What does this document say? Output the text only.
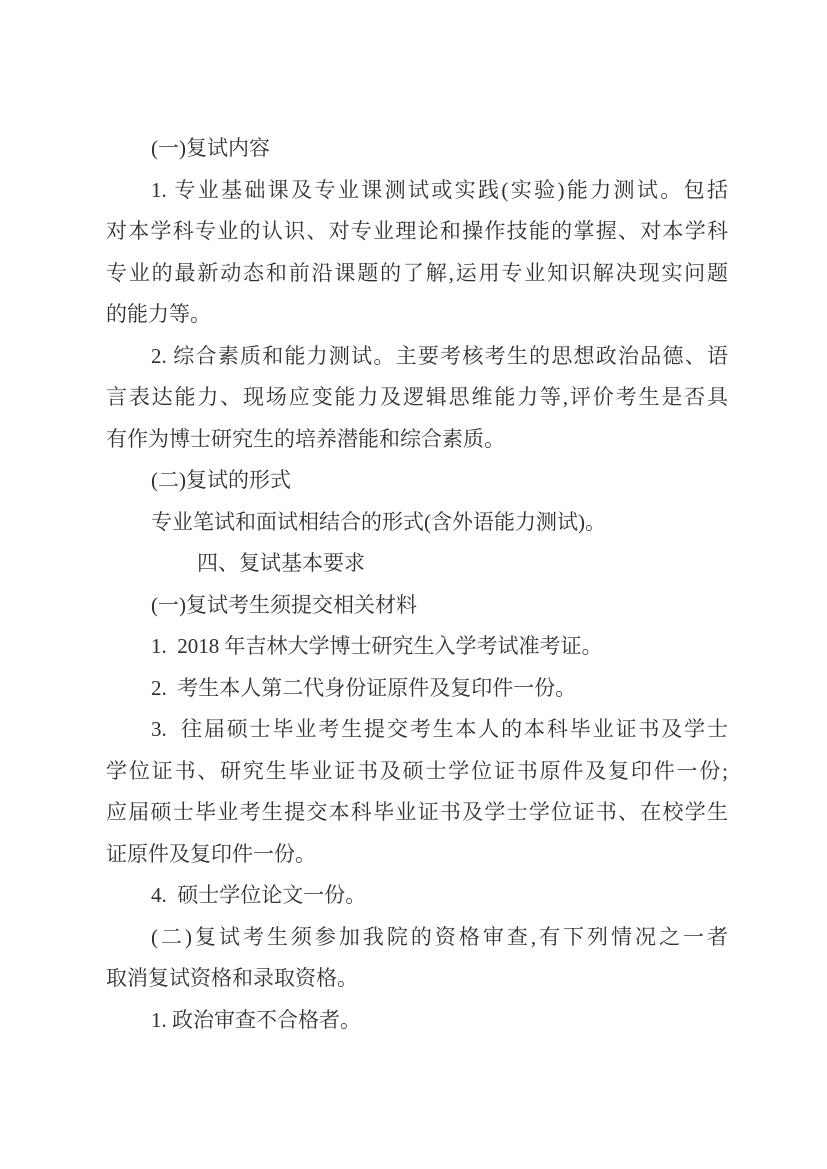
(一)复试内容
1. 专业基础课及专业课测试或实践(实验)能力测试。包括
对本学科专业的认识、对专业理论和操作技能的掌握、对本学科
专业的最新动态和前沿课题的了解,运用专业知识解决现实问题
的能力等。
2. 综合素质和能力测试。主要考核考生的思想政治品德、语
言表达能力、现场应变能力及逻辑思维能力等,评价考生是否具
有作为博士研究生的培养潜能和综合素质。
(二)复试的形式
专业笔试和面试相结合的形式(含外语能力测试)。
四、复试基本要求
(一)复试考生须提交相关材料
1.  2018 年吉林大学博士研究生入学考试准考证。
2.  考生本人第二代身份证原件及复印件一份。
3.  往届硕士毕业考生提交考生本人的本科毕业证书及学士
学位证书、研究生毕业证书及硕士学位证书原件及复印件一份;
应届硕士毕业考生提交本科毕业证书及学士学位证书、在校学生
证原件及复印件一份。
4.  硕士学位论文一份。
(二)复试考生须参加我院的资格审查,有下列情况之一者
取消复试资格和录取资格。
1. 政治审查不合格者。
